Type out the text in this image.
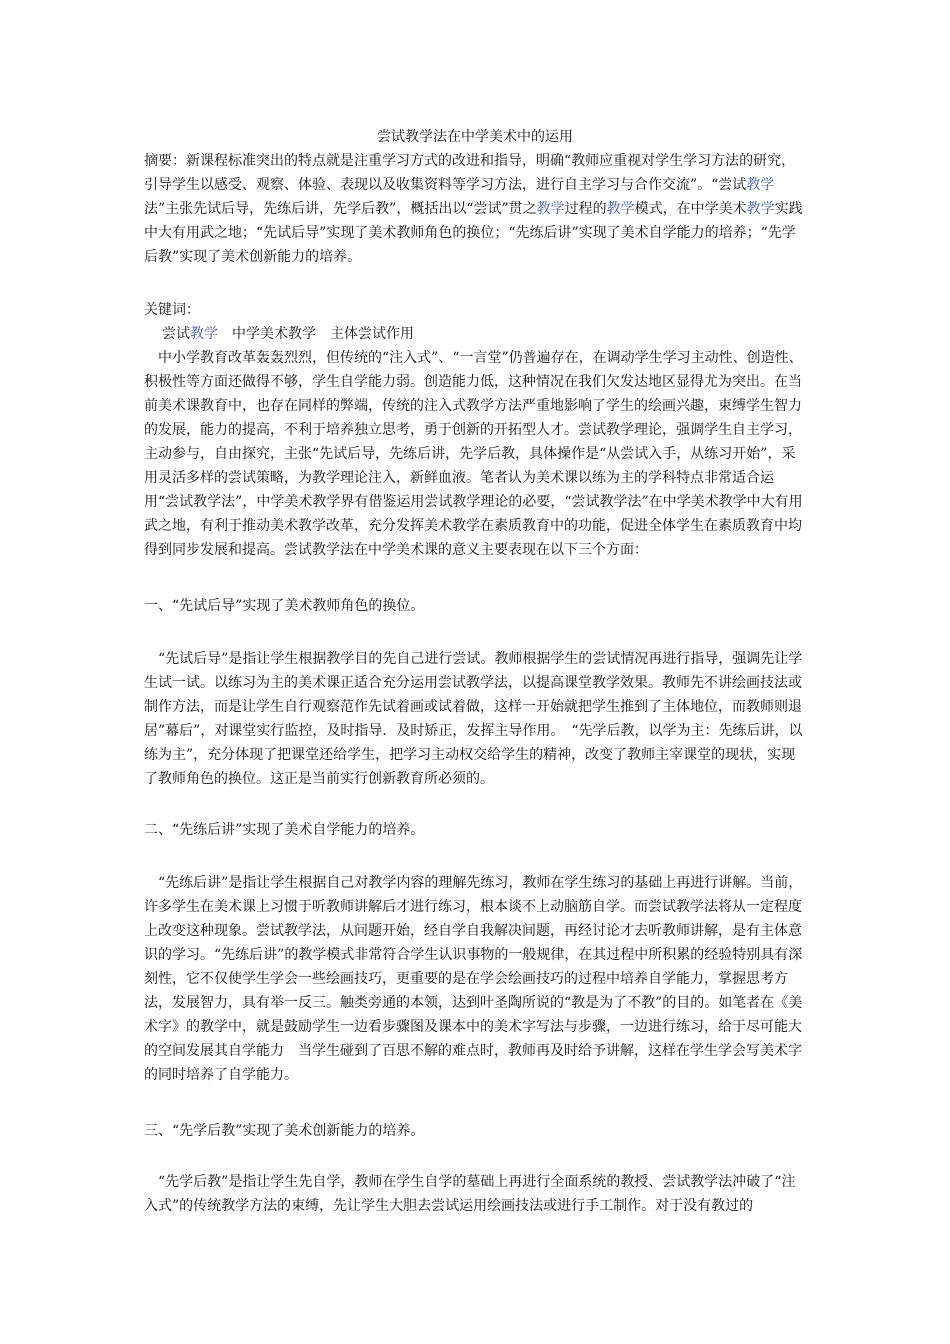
尝试教学法在中学美术中的运用

摘要：新课程标准突出的特点就是注重学习方式的改进和指导，明确“教师应重视对学生学习方法的研究，引导学生以感受、观察、体验、表现以及收集资料等学习方法，进行自主学习与合作交流”。“尝试教学法”主张先试后导，先练后讲，先学后教”，概括出以“尝试”贯之教学过程的教学模式，在中学美术教学实践中大有用武之地；“先试后导”实现了美术教师角色的换位；“先练后讲”实现了美术自学能力的培养；“先学后教”实现了美术创新能力的培养。

关键词：

尝试教学　中学美术教学　主体尝试作用

中小学教育改革轰轰烈烈，但传统的“注入式”、“一言堂”仍普遍存在，在调动学生学习主动性、创造性、积极性等方面还做得不够，学生自学能力弱。创造能力低，这种情况在我们欠发达地区显得尤为突出。在当前美术课教育中，也存在同样的弊端，传统的注入式教学方法严重地影响了学生的绘画兴趣，束缚学生智力的发展，能力的提高，不利于培养独立思考，勇于创新的开拓型人才。尝试教学理论，强调学生自主学习，主动参与，自由探究，主张“先试后导，先练后讲，先学后教，具体操作是“从尝试入手，从练习开始”，采用灵活多样的尝试策略，为教学理论注入，新鲜血液。笔者认为美术课以练为主的学科特点非常适合运用“尝试教学法”，中学美术教学界有借鉴运用尝试教学理论的必要，“尝试教学法”在中学美术教学中大有用武之地，有利于推动美术教学改革，充分发挥美术教学在素质教育中的功能，促进全体学生在素质教育中均得到同步发展和提高。尝试教学法在中学美术课的意义主要表现在以下三个方面：

一、“先试后导”实现了美术教师角色的换位。

“先试后导”是指让学生根据教学目的先自己进行尝试。教师根据学生的尝试情况再进行指导，强调先让学生试一试。以练习为主的美术课正适合充分运用尝试教学法，以提高课堂教学效果。教师先不讲绘画技法或制作方法，而是让学生自行观察范作先试着画或试着做，这样一开始就把学生推到了主体地位，而教师则退居”幕后”，对课堂实行监控，及时指导．及时矫正，发挥主导作用。　“先学后教，以学为主：先练后讲，以练为主”，充分体现了把课堂还给学生，把学习主动权交给学生的精神，改变了教师主宰课堂的现状，实现了教师角色的换位。这正是当前实行创新教育所必须的。

二、“先练后讲”实现了美术自学能力的培养。

“先练后讲”是指让学生根据自己对教学内容的理解先练习，教师在学生练习的基础上再进行讲解。当前，许多学生在美术课上习惯于听教师讲解后才进行练习，根本谈不上动脑筋自学。而尝试教学法将从一定程度上改变这种现象。尝试教学法，从问题开始，经自学自我解决间题，再经讨论才去听教师讲解，是有主体意识的学习。“先练后讲”的教学模式非常符合学生认识事物的一般规律，在其过程中所积累的经验特别具有深刻性，它不仅使学生学会一些绘画技巧，更重要的是在学会绘画技巧的过程中培养自学能力，掌握思考方法，发展智力，具有举一反三。触类旁通的本领，达到叶圣陶所说的“教是为了不教”的目的。如笔者在《美术字》的教学中，就是鼓励学生一边看步骤图及课本中的美术字写法与步骤，一边进行练习，给于尽可能大的空间发展其自学能力　当学生碰到了百思不解的难点时，教师再及时给予讲解，这样在学生学会写美术字的同时培养了自学能力。

三、“先学后教”实现了美术创新能力的培养。

“先学后教”是指让学生先自学，教师在学生自学的墓础上再进行全面系统的教授、尝试教学法冲破了“注入式”的传统教学方法的束缚，先让学生大胆去尝试运用绘画技法或进行手工制作。对于没有教过的
